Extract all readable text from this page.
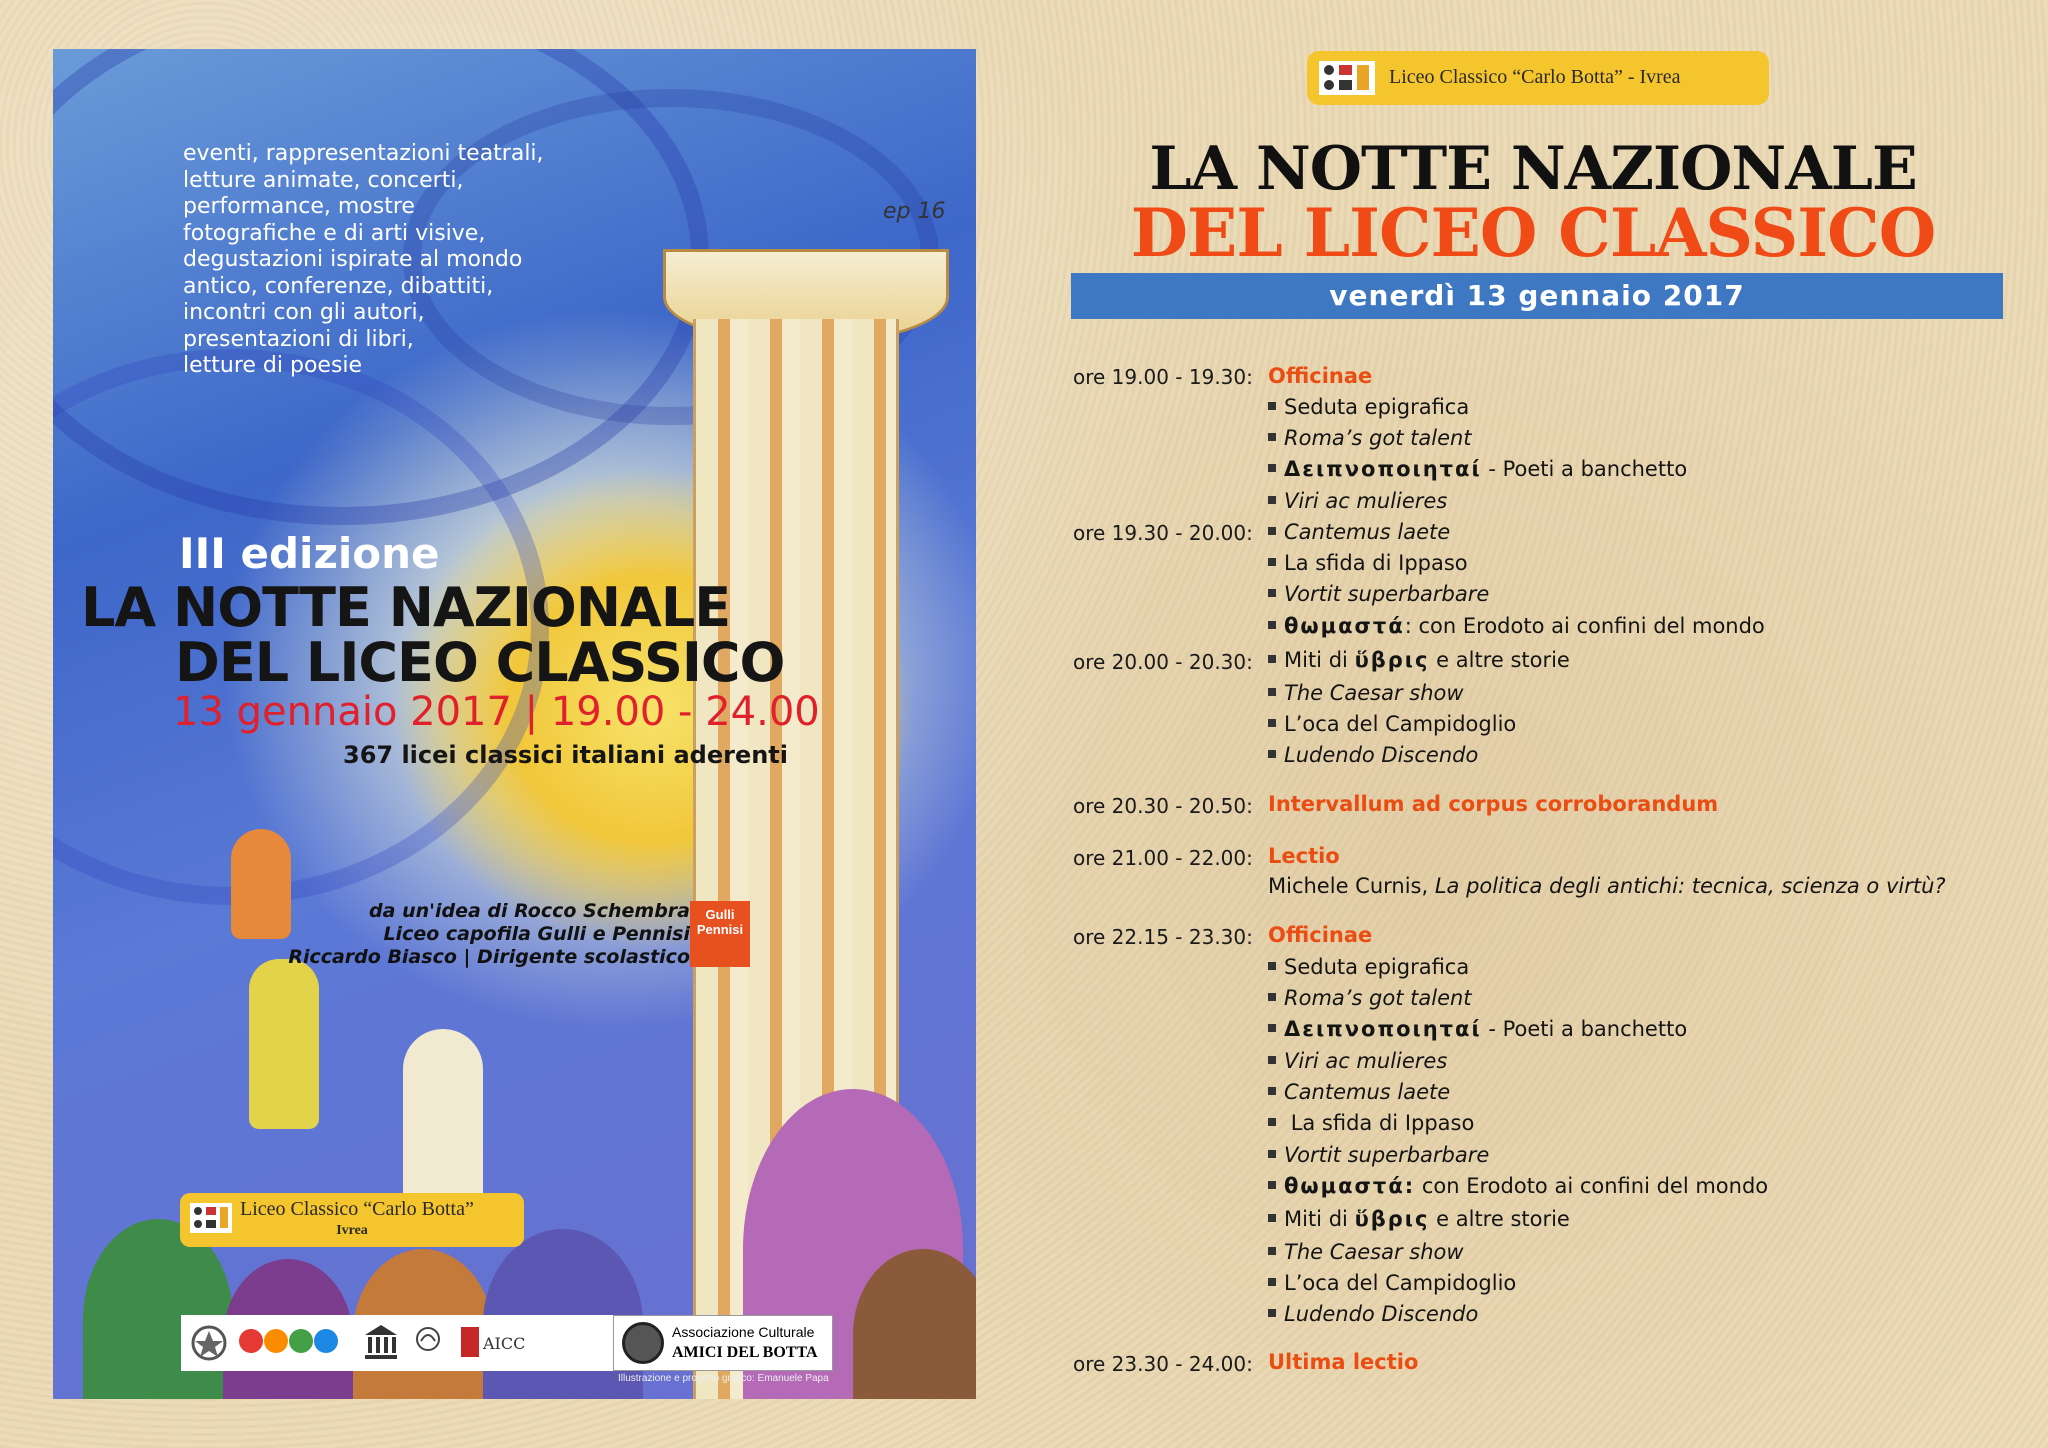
ep 16
eventi, rappresentazioni teatrali,
letture animate, concerti,
performance, mostre
fotografiche e di arti visive,
degustazioni ispirate al mondo
antico, conferenze, dibattiti,
incontri con gli autori,
presentazioni di libri,
letture di poesie
III edizione
LA NOTTE NAZIONALE
DEL LICEO CLASSICO
13 gennaio 2017 | 19.00 - 24.00
367 licei classici italiani aderenti
da un'idea di Rocco Schembra
Liceo capofila Gulli e Pennisi
Riccardo Biasco | Dirigente scolastico
Gulli
Pennisi
Liceo Classico “Carlo Botta”
Ivrea
AICC
Associazione Culturale
AMICI DEL BOTTA
Illustrazione e progetto grafico: Emanuele Papa
Liceo Classico “Carlo Botta” - Ivrea
LA NOTTE NAZIONALE
DEL LICEO CLASSICO
venerdì 13 gennaio 2017
ore 19.00 - 19.30: Officinae
Seduta epigrafica
Roma’s got talent
Δειπνοποιηταί - Poeti a banchetto
Viri ac mulieres
ore 19.30 - 20.00:	Cantemus laete
La sfida di Ippaso
Vortit superbarbare
θωμαστά: con Erodoto ai confini del mondo
ore 20.00 - 20.30:	Miti di ὕβρις e altre storie
The Caesar show
L’oca del Campidoglio
Ludendo Discendo
ore 20.30 - 20.50: Intervallum ad corpus corroborandum
ore 21.00 - 22.00: Lectio
Michele Curnis, La politica degli antichi: tecnica, scienza o virtù?
ore 22.15 - 23.30: Officinae
Seduta epigrafica
Roma’s got talent
Δειπνοποιηταί - Poeti a banchetto
Viri ac mulieres
Cantemus laete
La sfida di Ippaso
Vortit superbarbare
θωμαστά: con Erodoto ai confini del mondo
Miti di ὕβρις e altre storie
The Caesar show
L’oca del Campidoglio
Ludendo Discendo
ore 23.30 - 24.00: Ultima lectio
